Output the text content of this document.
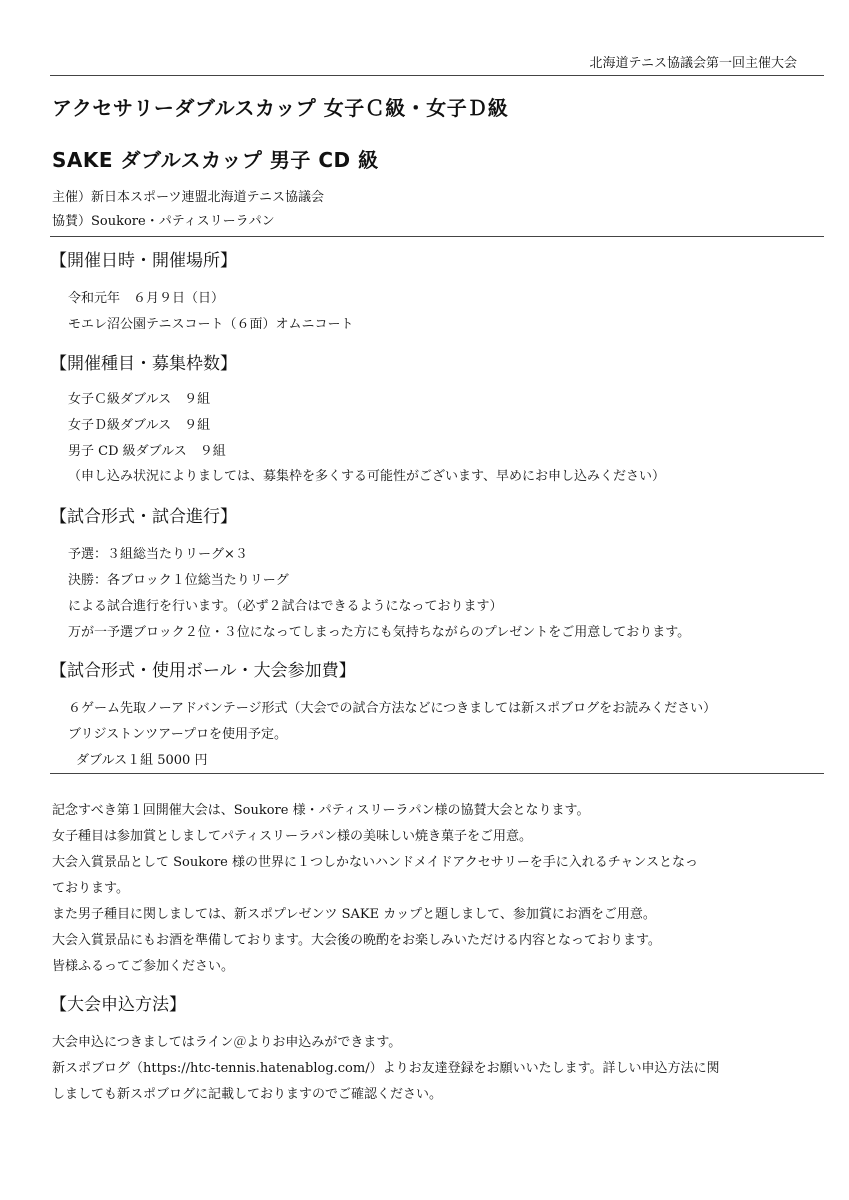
北海道テニス協議会第一回主催大会
アクセサリーダブルスカップ 女子Ｃ級・女子Ｄ級
SAKE ダブルスカップ 男子 CD 級
主催）新日本スポーツ連盟北海道テニス協議会
協賛）Soukore・パティスリーラパン
【開催日時・開催場所】
令和元年　６月９日（日）
モエレ沼公園テニスコート（６面）オムニコート
【開催種目・募集枠数】
女子Ｃ級ダブルス　９組
女子Ｄ級ダブルス　９組
男子 CD 級ダブルス　９組
（申し込み状況によりましては、募集枠を多くする可能性がございます、早めにお申し込みください）
【試合形式・試合進行】
予選：３組総当たりリーグ×３
決勝：各ブロック１位総当たりリーグ
による試合進行を行います。（必ず２試合はできるようになっております）
万が一予選ブロック２位・３位になってしまった方にも気持ちながらのプレゼントをご用意しております。
【試合形式・使用ボール・大会参加費】
６ゲーム先取ノーアドバンテージ形式（大会での試合方法などにつきましては新スポブログをお読みください）
ブリジストンツアープロを使用予定。
ダブルス１組 5000 円
記念すべき第１回開催大会は、Soukore 様・パティスリーラパン様の協賛大会となります。
女子種目は参加賞としましてパティスリーラパン様の美味しい焼き菓子をご用意。
大会入賞景品として Soukore 様の世界に１つしかないハンドメイドアクセサリーを手に入れるチャンスとなっ
ております。
また男子種目に関しましては、新スポプレゼンツ SAKE カップと題しまして、参加賞にお酒をご用意。
大会入賞景品にもお酒を準備しております。大会後の晩酌をお楽しみいただける内容となっております。
皆様ふるってご参加ください。
【大会申込方法】
大会申込につきましてはライン＠よりお申込みができます。
新スポブログ（https://htc-tennis.hatenablog.com/）よりお友達登録をお願いいたします。詳しい申込方法に関
しましても新スポブログに記載しておりますのでご確認ください。
